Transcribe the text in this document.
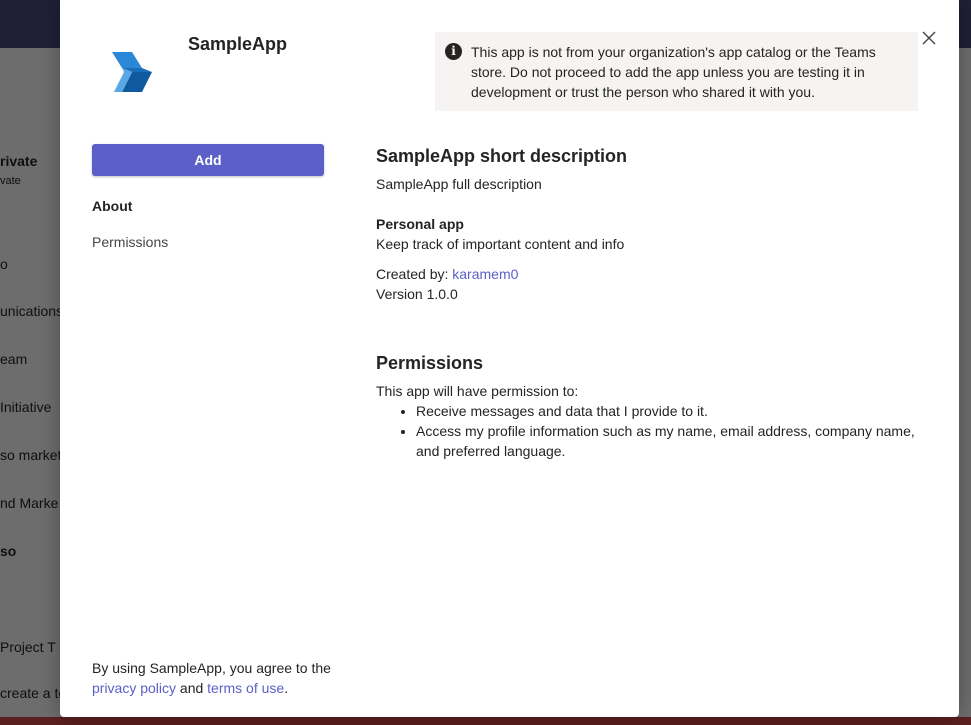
SampleApp	i	This app is not from your organization's app catalog or the Teams store. Do not proceed to add the app unless you are testing it in development or trust the person who shared it with you.
Add
About
Permissions
SampleApp short description
SampleApp full description
Personal app
Keep track of important content and info
Created by: karamem0
Version 1.0.0
Permissions
This app will have permission to:
• Receive messages and data that I provide to it.
• Access my profile information such as my name, email address, company name, and preferred language.
By using SampleApp, you agree to the privacy policy and terms of use.
